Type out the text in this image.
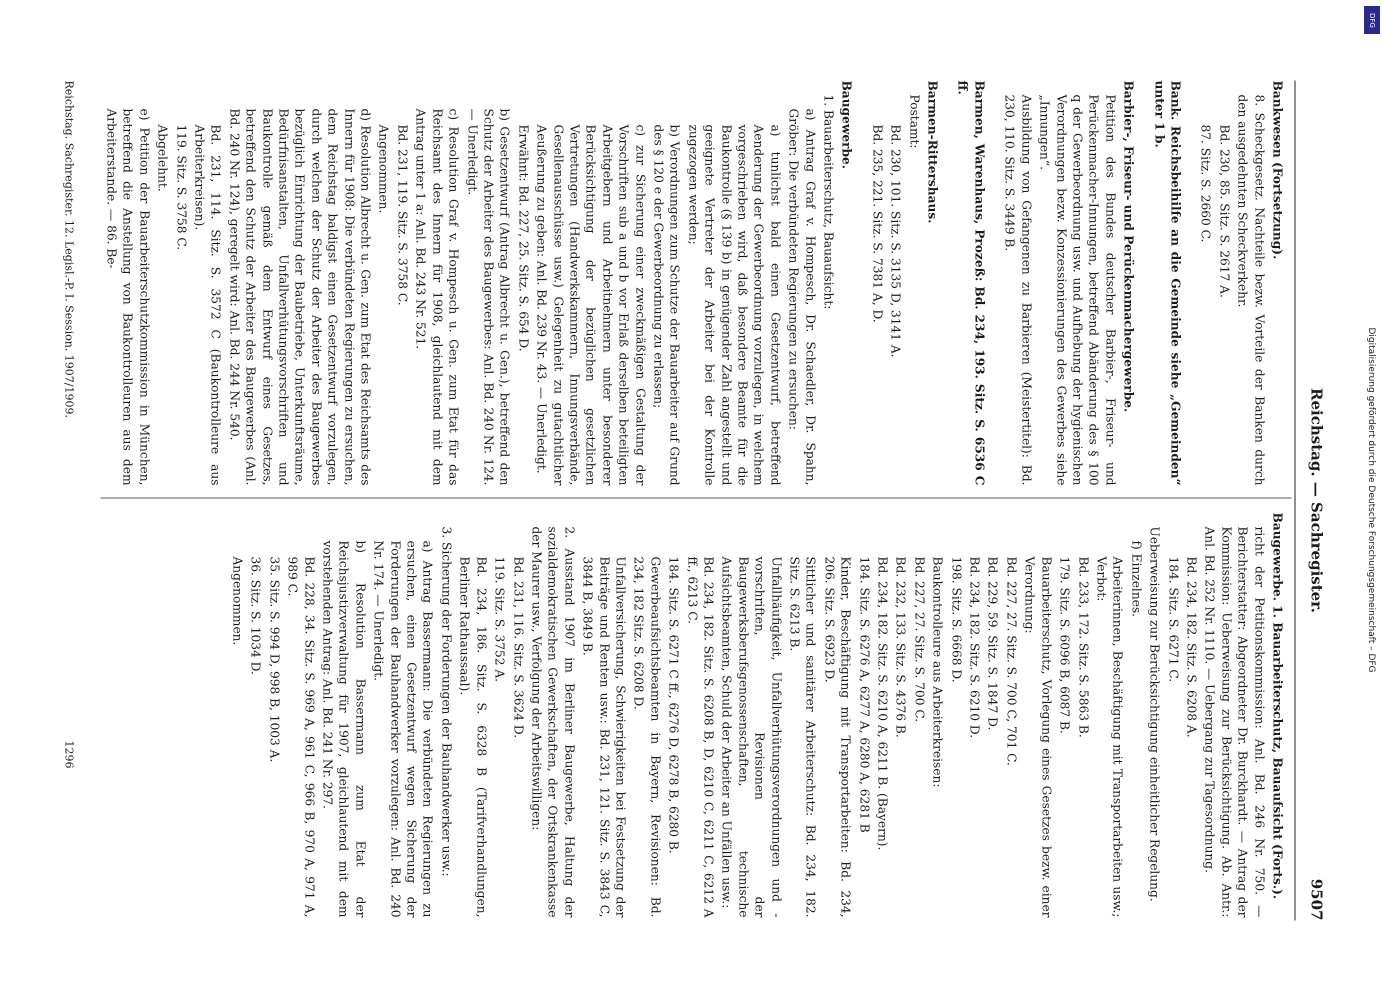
Reichstag. — Sachregister.
9507
Bankwesen (Fortsetzung).
8. Scheckgesetz. Nachteile bezw. Vorteile der Banken durch den ausgedehnten Scheckverkehr.
Bd. 230, 85. Sitz. S. 2617 A.
87. Sitz. S. 2660 C.
Bank. Reichsbeihilfe an die Gemeinde siehe „Gemeinden“ unter 1 b.
Barbier-, Friseur- und Perückenmachergewerbe.
Petition des Bundes deutscher Barbier-, Friseur- und Perückenmacher-Innungen, betreffend Abänderung des § 100 q der Gewerbeordnung usw. und Aufhebung der hygienischen Verordnungen bezw. Konzessionierungen des Gewerbes siehe „Innungen“.
Ausbildung von Gefangenen zu Barbieren (Meistertitel): Bd. 230, 110. Sitz. S. 3449 B.
Barmen, Warenhaus, Prozeß: Bd. 234, 193. Sitz. S. 6536 C ff.
Barmen-Rittershaus.
Postamt:
Bd. 230, 101. Sitz. S. 3135 D, 3141 A.
Bd. 235, 221. Sitz. S. 7381 A, D.
Baugewerbe.
1. Bauarbeiterschutz, Bauaufsicht:
a) Antrag Graf v. Hompesch, Dr. Schaedler, Dr. Spahn, Gröber: Die verbündeten Regierungen zu ersuchen:
a) tunlichst bald einen Gesetzentwurf, betreffend Aenderung der Gewerbeordnung vorzulegen, in welchem vorgeschrieben wird, daß besondere Beamte für die Baukontrolle (§ 139 b) in genügender Zahl angestellt und geeignete Vertreter der Arbeiter bei der Kontrolle zugezogen werden;
b) Verordnungen zum Schutze der Bauarbeiter auf Grund des § 120 e der Gewerbeordnung zu erlassen;
c) zur Sicherung einer zweckmäßigen Gestaltung der Vorschriften sub a und b vor Erlaß derselben beteiligten Arbeitgebern und Arbeitnehmern unter besonderer Berücksichtigung der bezüglichen gesetzlichen Vertretungen (Handwerkskammern, Innungsverbände, Gesellenausschüsse usw.) Gelegenheit zu gutachtlicher Aeußerung zu geben: Anl. Bd. 239 Nr. 43. — Unerledigt.
Erwähnt: Bd. 227, 25. Sitz. S. 654 D.
b) Gesetzentwurf (Antrag Albrecht u. Gen.), betreffend den Schutz der Arbeiter des Baugewerbes: Anl. Bd. 240 Nr. 124. — Unerledigt.
c) Resolution Graf v. Hompesch u. Gen. zum Etat für das Reichsamt des Innern für 1908, gleichlautend mit dem Antrag unter 1 a: Anl. Bd. 243 Nr. 521.
Bd. 231, 119. Sitz. S. 3758 C.
Angenommen.
d) Resolution Albrecht u. Gen. zum Etat des Reichsamts des Innern für 1908: Die verbündeten Regierungen zu ersuchen, dem Reichstag baldigst einen Gesetzentwurf vorzulegen, durch welchen der Schutz der Arbeiter des Baugewerbes bezüglich Einrichtung der Baubetriebe, Unterkunftsräume, Bedürfnisanstalten, Unfallverhütungsvorschriften und Baukontrolle gemäß dem Entwurf eines Gesetzes, betreffend den Schutz der Arbeiter des Baugewerbes (Anl. Bd. 240 Nr. 124), geregelt wird: Anl. Bd. 244 Nr. 540.
Bd. 231, 114. Sitz. S. 3572 C (Baukontrolleure aus Arbeiterkreisen).
119. Sitz. S. 3758 C.
Abgelehnt.
e) Petition der Bauarbeiterschutzkommission in München, betreffend die Anstellung von Baukontrolleuren aus dem Arbeiterstande. — 86. Be-
Baugewerbe. 1. Bauarbeiterschutz, Bauaufsicht (Forts.).
richt der Petitionskommission: Anl. Bd. 246 Nr. 750. — Berichterstatter: Abgeordneter Dr. Burckhardt. — Antrag der Kommission: Ueberweisung zur Berücksichtigung. Ab. Antr.: Anl. Bd. 252 Nr. 1110. — Uebergang zur Tagesordnung.
Bd. 234, 182. Sitz. S. 6208 A.
184. Sitz. S. 6271 C.
Ueberweisung zur Berücksichtigung einheitlicher Regelung.
f) Einzelnes.
Arbeiterinnen, Beschäftigung mit Transportarbeiten usw.; Verbot:
Bd. 233, 172. Sitz. S. 5863 B.
179. Sitz. S. 6096 B, 6087 B.
Bauarbeiterschutz, Vorlegung eines Gesetzes bezw. einer Verordnung:
Bd. 227, 27. Sitz. S. 700 C, 701 C.
Bd. 229, 59. Sitz. S. 1847 D.
Bd. 234, 182. Sitz. S. 6210 D.
198. Sitz. S. 6668 D.
Baukontrolleure aus Arbeiterkreisen:
Bd. 227, 27. Sitz. S. 700 C.
Bd. 232, 133. Sitz. S. 4376 B.
Bd. 234, 182. Sitz. S. 6210 A, 6211 B. (Bayern).
184. Sitz. S. 6276 A, 6277 A, 6280 A, 6281 B
Kinder, Beschäftigung mit Transportarbeiten: Bd. 234, 206. Sitz. S. 6923 D.
Sittlicher und sanitärer Arbeiterschutz: Bd. 234, 182. Sitz. S. 6213 B.
Unfallhäufigkeit, Unfallverhütungsverordnungen und -vorschriften, Revisionen der Baugewerksberufsgenossenschaften, technische Aufsichtsbeamten, Schuld der Arbeiter an Unfällen usw.:
Bd. 234, 182. Sitz. S. 6208 B, D, 6210 C, 6211 C, 6212 A ff., 6213 C.
184. Sitz. S. 6271 C ff., 6276 D, 6278 B, 6280 B.
Gewerbeaufsichtsbeamten in Bayern, Revisionen: Bd. 234, 182 Sitz. S. 6208 D.
Unfallversicherung, Schwierigkeiten bei Festsetzung der Beiträge und Renten usw.: Bd. 231, 121. Sitz. S. 3843 C, 3844 B, 3849 B.
2. Ausstand 1907 im Berliner Baugewerbe, Haltung der sozialdemokratischen Gewerkschaften, der Ortskrankenkasse der Maurer usw., Verfolgung der Arbeitswilligen:
Bd. 231, 116. Sitz. S. 3624 D.
119. Sitz. S. 3752 A.
Bd. 234, 186. Sitz. S. 6328 B (Tarifverhandlungen, Berliner Rathaussaal).
3. Sicherung der Forderungen der Bauhandwerker usw.:
a) Antrag Bassermann: Die verbündeten Regierungen zu ersuchen, einen Gesetzentwurf wegen Sicherung der Forderungen der Bauhandwerker vorzulegen: Anl. Bd. 240 Nr. 174. — Unerledigt.
b) Resolution Bassermann zum Etat der Reichsjustizverwaltung für 1907, gleichlautend mit dem vorstehenden Antrag: Anl. Bd. 241 Nr. 297.
Bd. 228, 34. Sitz. S. 969 A, 961 C, 966 B, 970 A, 971 A, 989 C.
35. Sitz. S. 994 D, 998 B, 1003 A.
36. Sitz. S. 1034 D.
Angenommen.
Reichstag. Sachregister. 12. Legisl.-P. I. Session. 1907/1909.
1296
Digitalisierung gefördert durch die Deutsche Forschungsgemeinschaft – DFG
DFG
